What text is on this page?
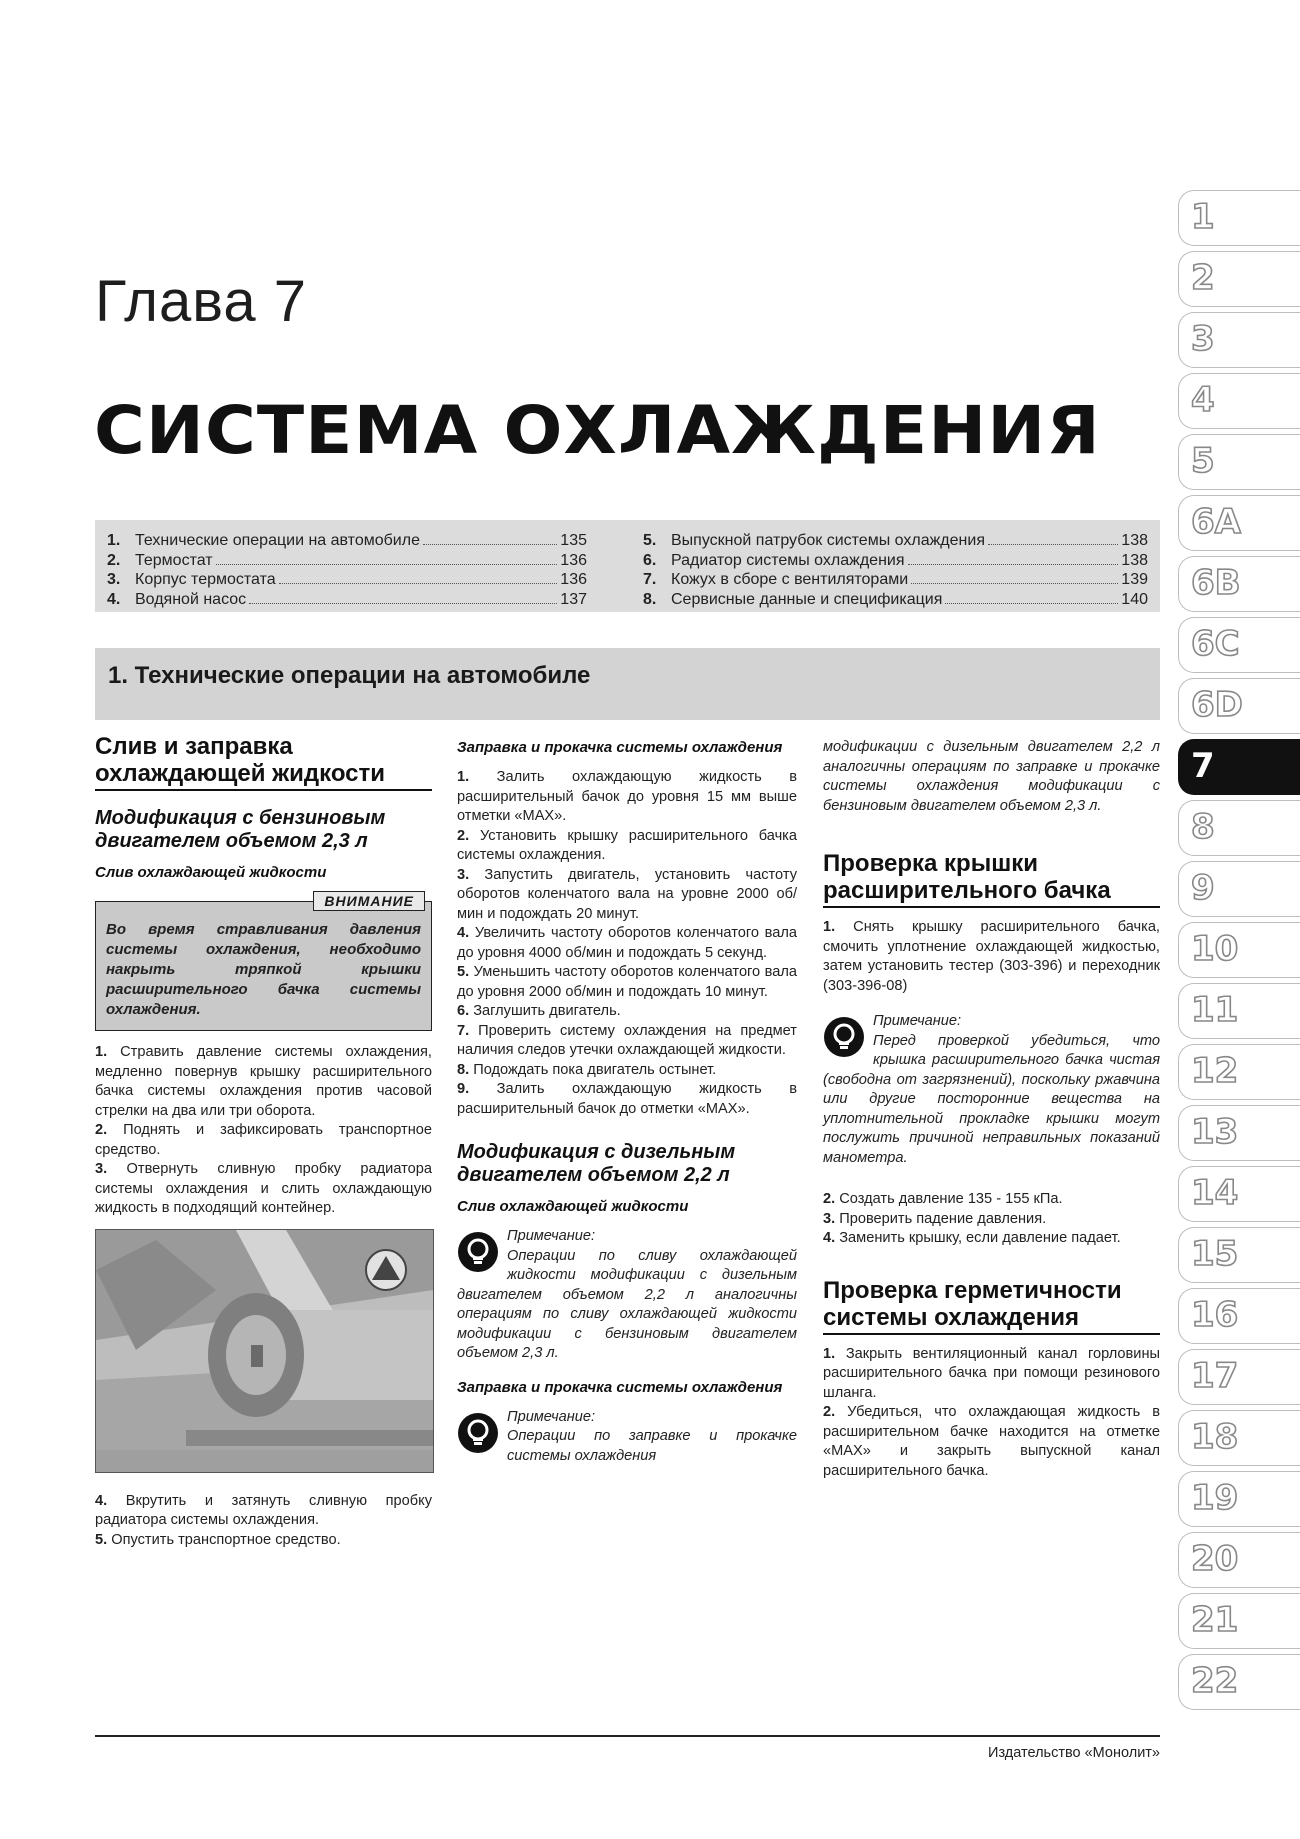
Глава 7
СИСТЕМА ОХЛАЖДЕНИЯ
1. Технические операции на автомобиле	135
2. Термостат	136
3. Корпус термостата	136
4. Водяной насос	137
5. Выпускной патрубок системы охлаждения	138
6. Радиатор системы охлаждения	138
7. Кожух в сборе с вентиляторами	139
8. Сервисные данные и спецификация	140
1. Технические операции на автомобиле
Слив и заправка охлаждающей жидкости
Модификация с бензиновым двигателем объемом 2,3 л
Слив охлаждающей жидкости
ВНИМАНИЕ
Во время стравливания давления системы охлаждения, необходимо накрыть тряпкой крышки расширительного бачка системы охлаждения.

1. Стравить давление системы охлаждения, медленно повернув крышку расширительного бачка системы охлаждения против часовой стрелки на два или три оборота.

2. Поднять и зафиксировать транспортное средство.

3. Отвернуть сливную пробку радиатора системы охлаждения и слить охлаждающую жидкость в подходящий контейнер.

4. Вкрутить и затянуть сливную пробку радиатора системы охлаждения.

5. Опустить транспортное средство.

Заправка и прокачка системы охлаждения

1. Залить охлаждающую жидкость в расширительный бачок до уровня 15 мм выше отметки «MAX».

2. Установить крышку расширительного бачка системы охлаждения.

3. Запустить двигатель, установить частоту оборотов коленчатого вала на уровне 2000 об/мин и подождать 20 минут.

4. Увеличить частоту оборотов коленчатого вала до уровня 4000 об/мин и подождать 5 секунд.

5. Уменьшить частоту оборотов коленчатого вала до уровня 2000 об/мин и подождать 10 минут.

6. Заглушить двигатель.

7. Проверить систему охлаждения на предмет наличия следов утечки охлаждающей жидкости.

8. Подождать пока двигатель остынет.

9. Залить охлаждающую жидкость в расширительный бачок до отметки «MAX».

Модификация с дизельным двигателем объемом 2,2 л
Слив охлаждающей жидкости
Примечание:
Операции по сливу охлаждающей жидкости модификации с дизельным двигателем объемом 2,2 л аналогичны операциям по сливу охлаждающей жидкости модификации с бензиновым двигателем объемом 2,3 л.
Заправка и прокачка системы охлаждения
Примечание:
Операции по заправке и прокачке системы охлаждения

модификации с дизельным двигателем 2,2 л аналогичны операциям по заправке и прокачке системы охлаждения модификации с бензиновым двигателем объемом 2,3 л.

Проверка крышки расширительного бачка

1. Снять крышку расширительного бачка, смочить уплотнение охлаждающей жидкостью, затем установить тестер (303-396) и переходник (303-396-08)

Примечание:
Перед проверкой убедиться, что крышка расширительного бачка чистая (свободна от загрязнений), поскольку ржавчина или другие посторонние вещества на уплотнительной прокладке крышки могут послужить причиной неправильных показаний манометра.

2. Создать давление 135 - 155 кПа.

3. Проверить падение давления.

4. Заменить крышку, если давление падает.

Проверка герметичности системы охлаждения

1. Закрыть вентиляционный канал горловины расширительного бачка при помощи резинового шланга.

2. Убедиться, что охлаждающая жидкость в расширительном бачке находится на отметке «MAX» и закрыть выпускной канал расширительного бачка.

1
2
3
4
5
6A
6B
6C
6D
7
8
9
10
11
12
13
14
15
16
17
18
19
20
21
22
Издательство «Монолит»
